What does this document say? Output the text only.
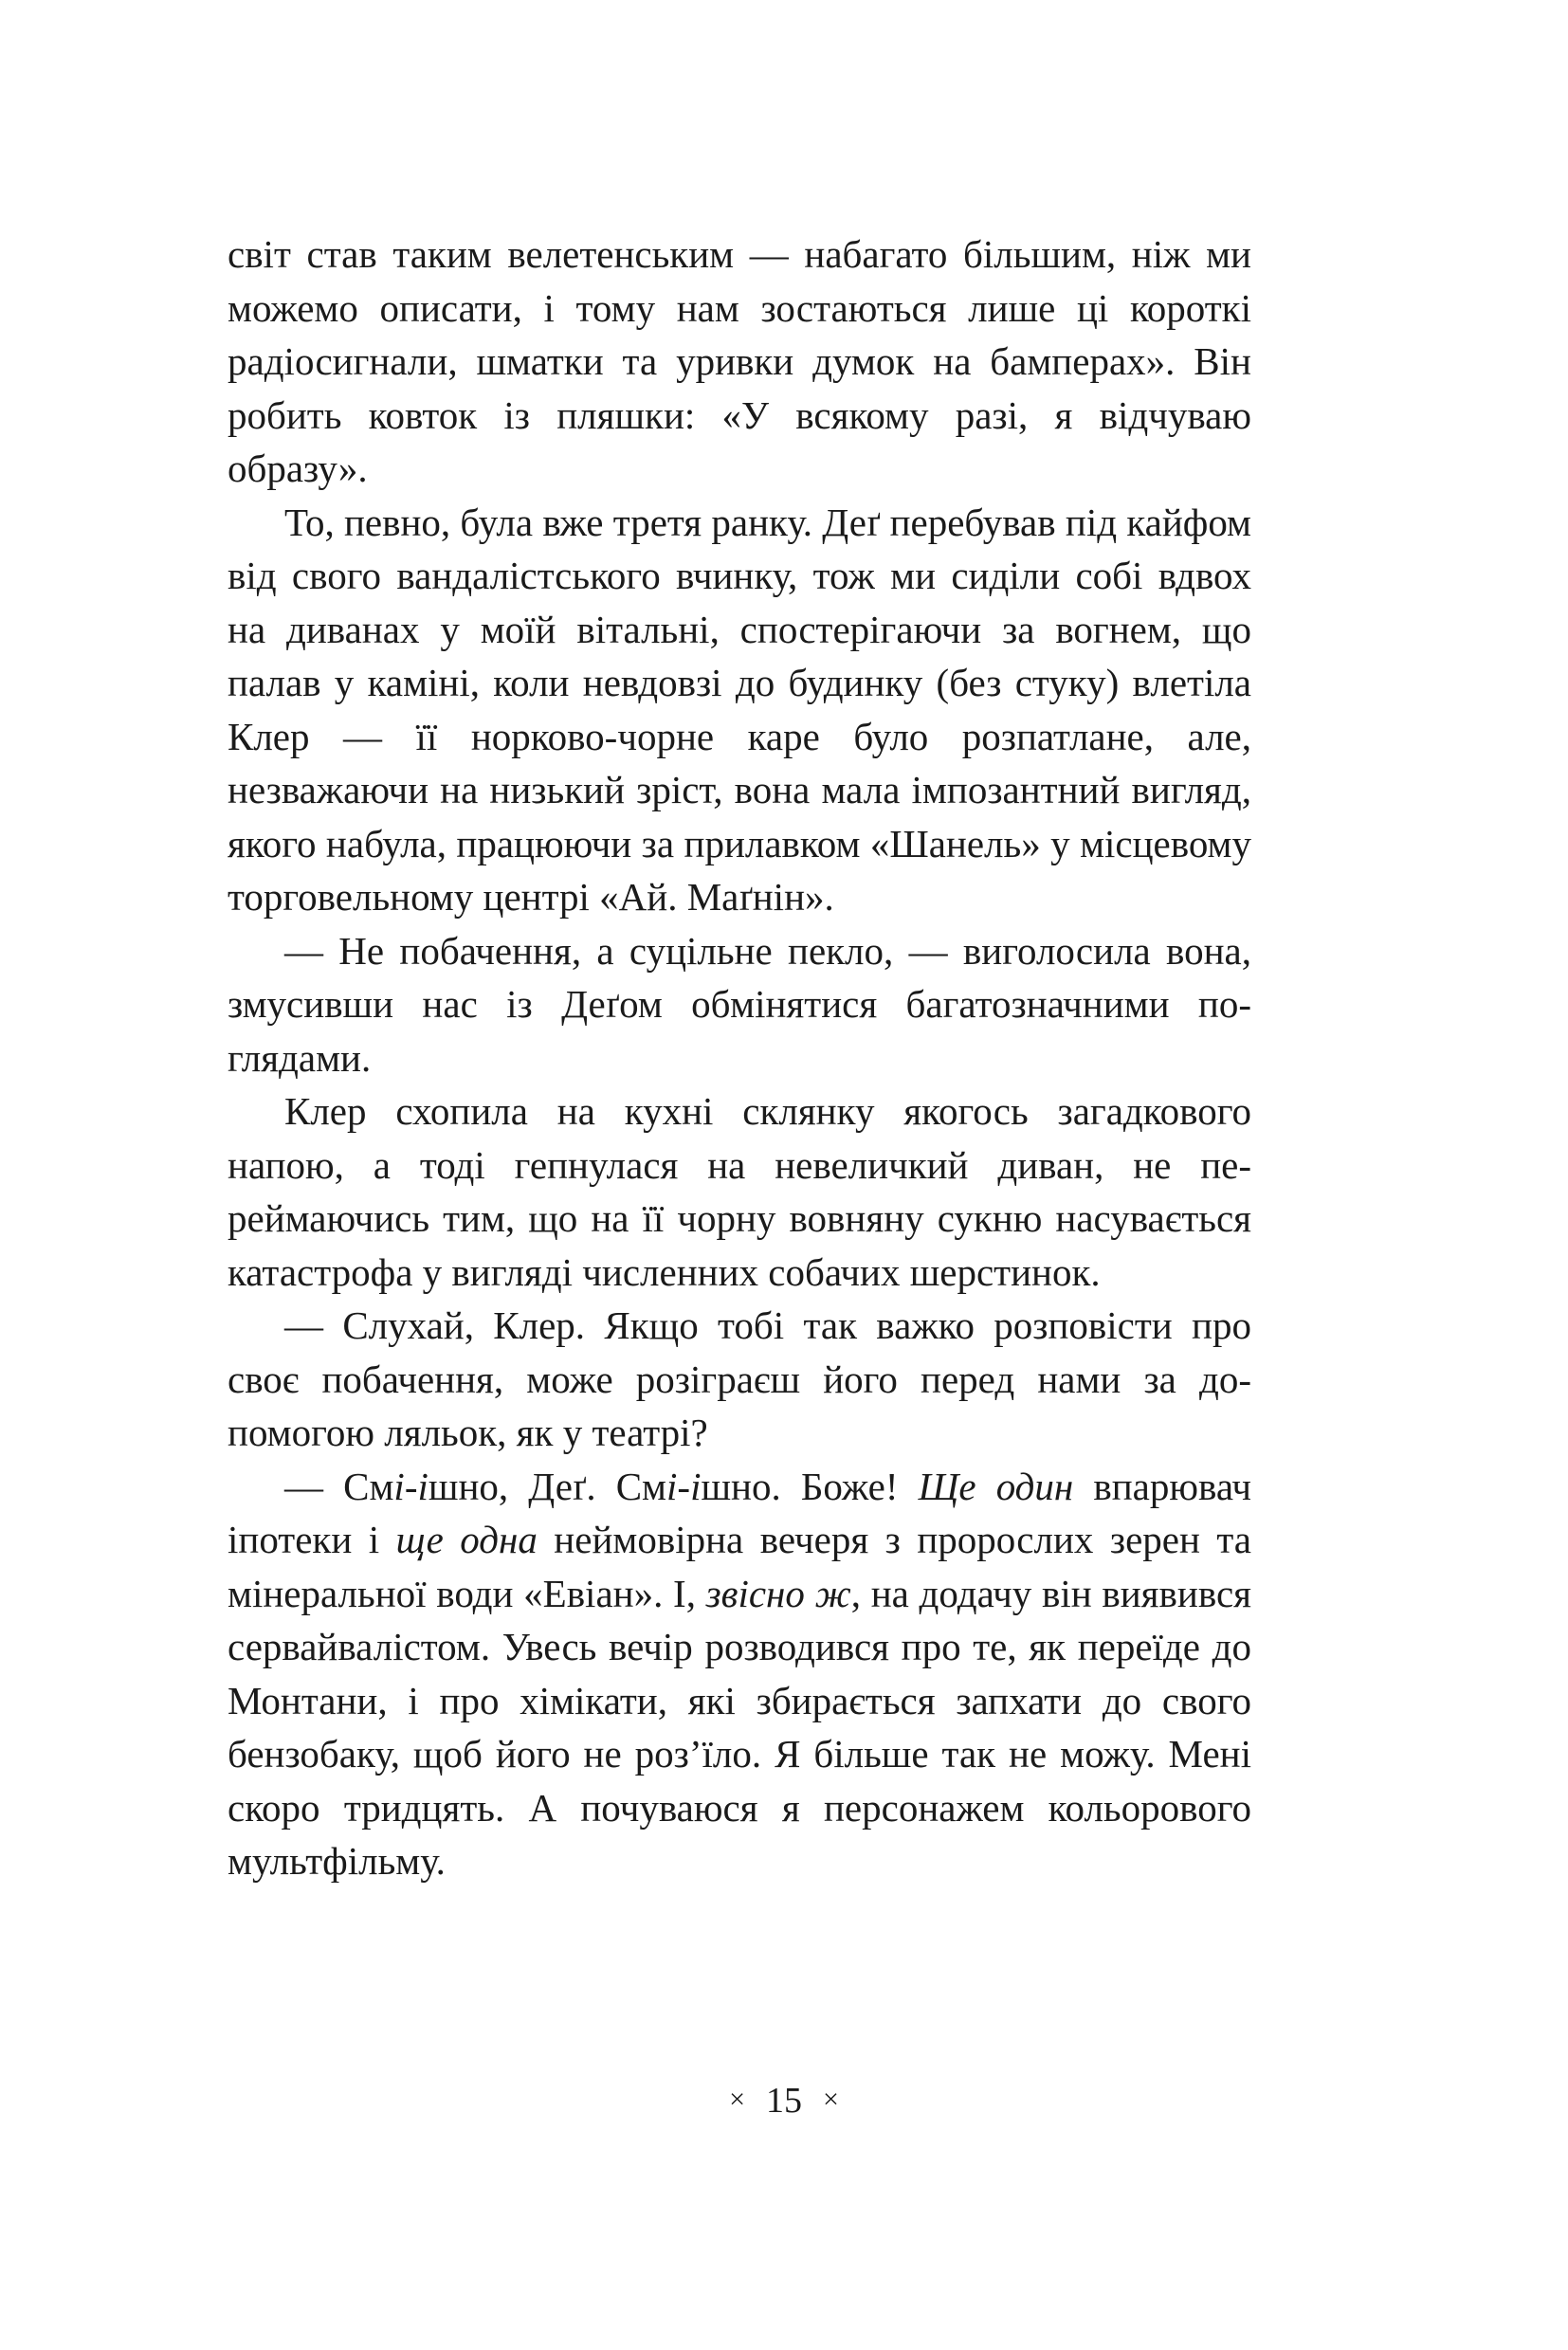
світ став таким велетенським — набагато більшим, ніж ми можемо описати, і тому нам зостаються лише ці короткі радіосигнали, шматки та уривки думок на бамперах». Він робить ковток із пляшки: «У всякому разі, я відчуваю образу».

То, певно, була вже третя ранку. Деґ перебував під кайфом від свого вандалістського вчинку, тож ми сиділи собі вдвох на диванах у моїй вітальні, спостерігаючи за вогнем, що палав у каміні, коли невдовзі до будинку (без стуку) влетіла Клер — її норково-чорне каре було розпатлане, але, незважаючи на низький зріст, вона мала імпозантний вигляд, якого набула, працюючи за прилавком «Шанель» у місцевому торговельному центрі «Ай. Маґнін».

— Не побачення, а суцільне пекло, — виголосила вона, змусивши нас із Деґом обмінятися багатозначними поглядами.

Клер схопила на кухні склянку якогось загадкового напою, а тоді гепнулася на невеличкий диван, не переймаючись тим, що на її чорну вовняну сукню насувається катастрофа у вигляді численних собачих шерстинок.

— Слухай, Клер. Якщо тобі так важко розповісти про своє побачення, може розіграєш його перед нами за допомогою ляльок, як у театрі?

— Смі-ішно, Деґ. Смі-ішно. Боже! Ще один впарювач іпотеки і ще одна неймовірна вечеря з пророслих зерен та мінеральної води «Евіан». І, звісно ж, на додачу він виявився сервайвалістом. Увесь вечір розводився про те, як переїде до Монтани, і про хімікати, які збирається запхати до свого бензобаку, щоб його не роз’їло. Я більше так не можу. Мені скоро тридцять. А почуваюся я персонажем кольорового мультфільму.

× 15 ×
